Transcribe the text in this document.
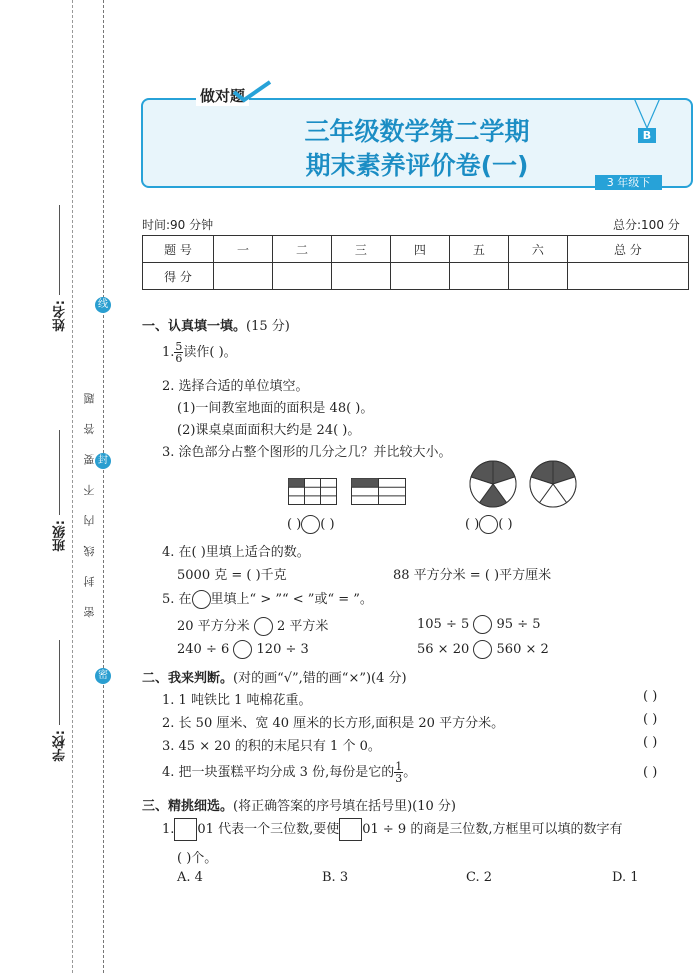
姓名:
班级:
学校:
线
封
密
密 封 线 内 不 要 答 题
三年级数学第二学期
期末素养评价卷(一)
做对题
B
3 年级下
时间:90 分钟	总分:100 分
题 号	一	二	三	四	五	六	总 分
得 分							
一、认真填一填。(15 分)
1. $\frac{5}{6}$ 读作( )。
2. 选择合适的单位填空。
(1)一间教室地面的面积是 48( )。
(2)课桌桌面面积大约是 24( )。
3. 涂色部分占整个图形的几分之几？并比较大小。
( ) ( )	( ) ( )
4. 在( )里填上适合的数。
5000 克 = ( )千克	88 平方分米 = ( )平方厘米
5. 在 里填上“ > ”“ < ”或“ = ”。
20 平方分米 2 平方米	105 ÷ 5 95 ÷ 5
240 ÷ 6 120 ÷ 3	56 × 20 560 × 2
二、我来判断。(对的画“√”,错的画“×”)(4 分)
1. 1 吨铁比 1 吨棉花重。	( )
2. 长 50 厘米、宽 40 厘米的长方形,面积是 20 平方分米。	( )
3. 45 × 20 的积的末尾只有 1 个 0。	( )
4. 把一块蛋糕平均分成 3 份,每份是它的 $\frac{1}{3}$ 。	( )
三、精挑细选。(将正确答案的序号填在括号里)(10 分)
1. 01 代表一个三位数,要使 01 ÷ 9 的商是三位数,方框里可以填的数字有
( )个。
A. 4	B. 3	C. 2	D. 1
